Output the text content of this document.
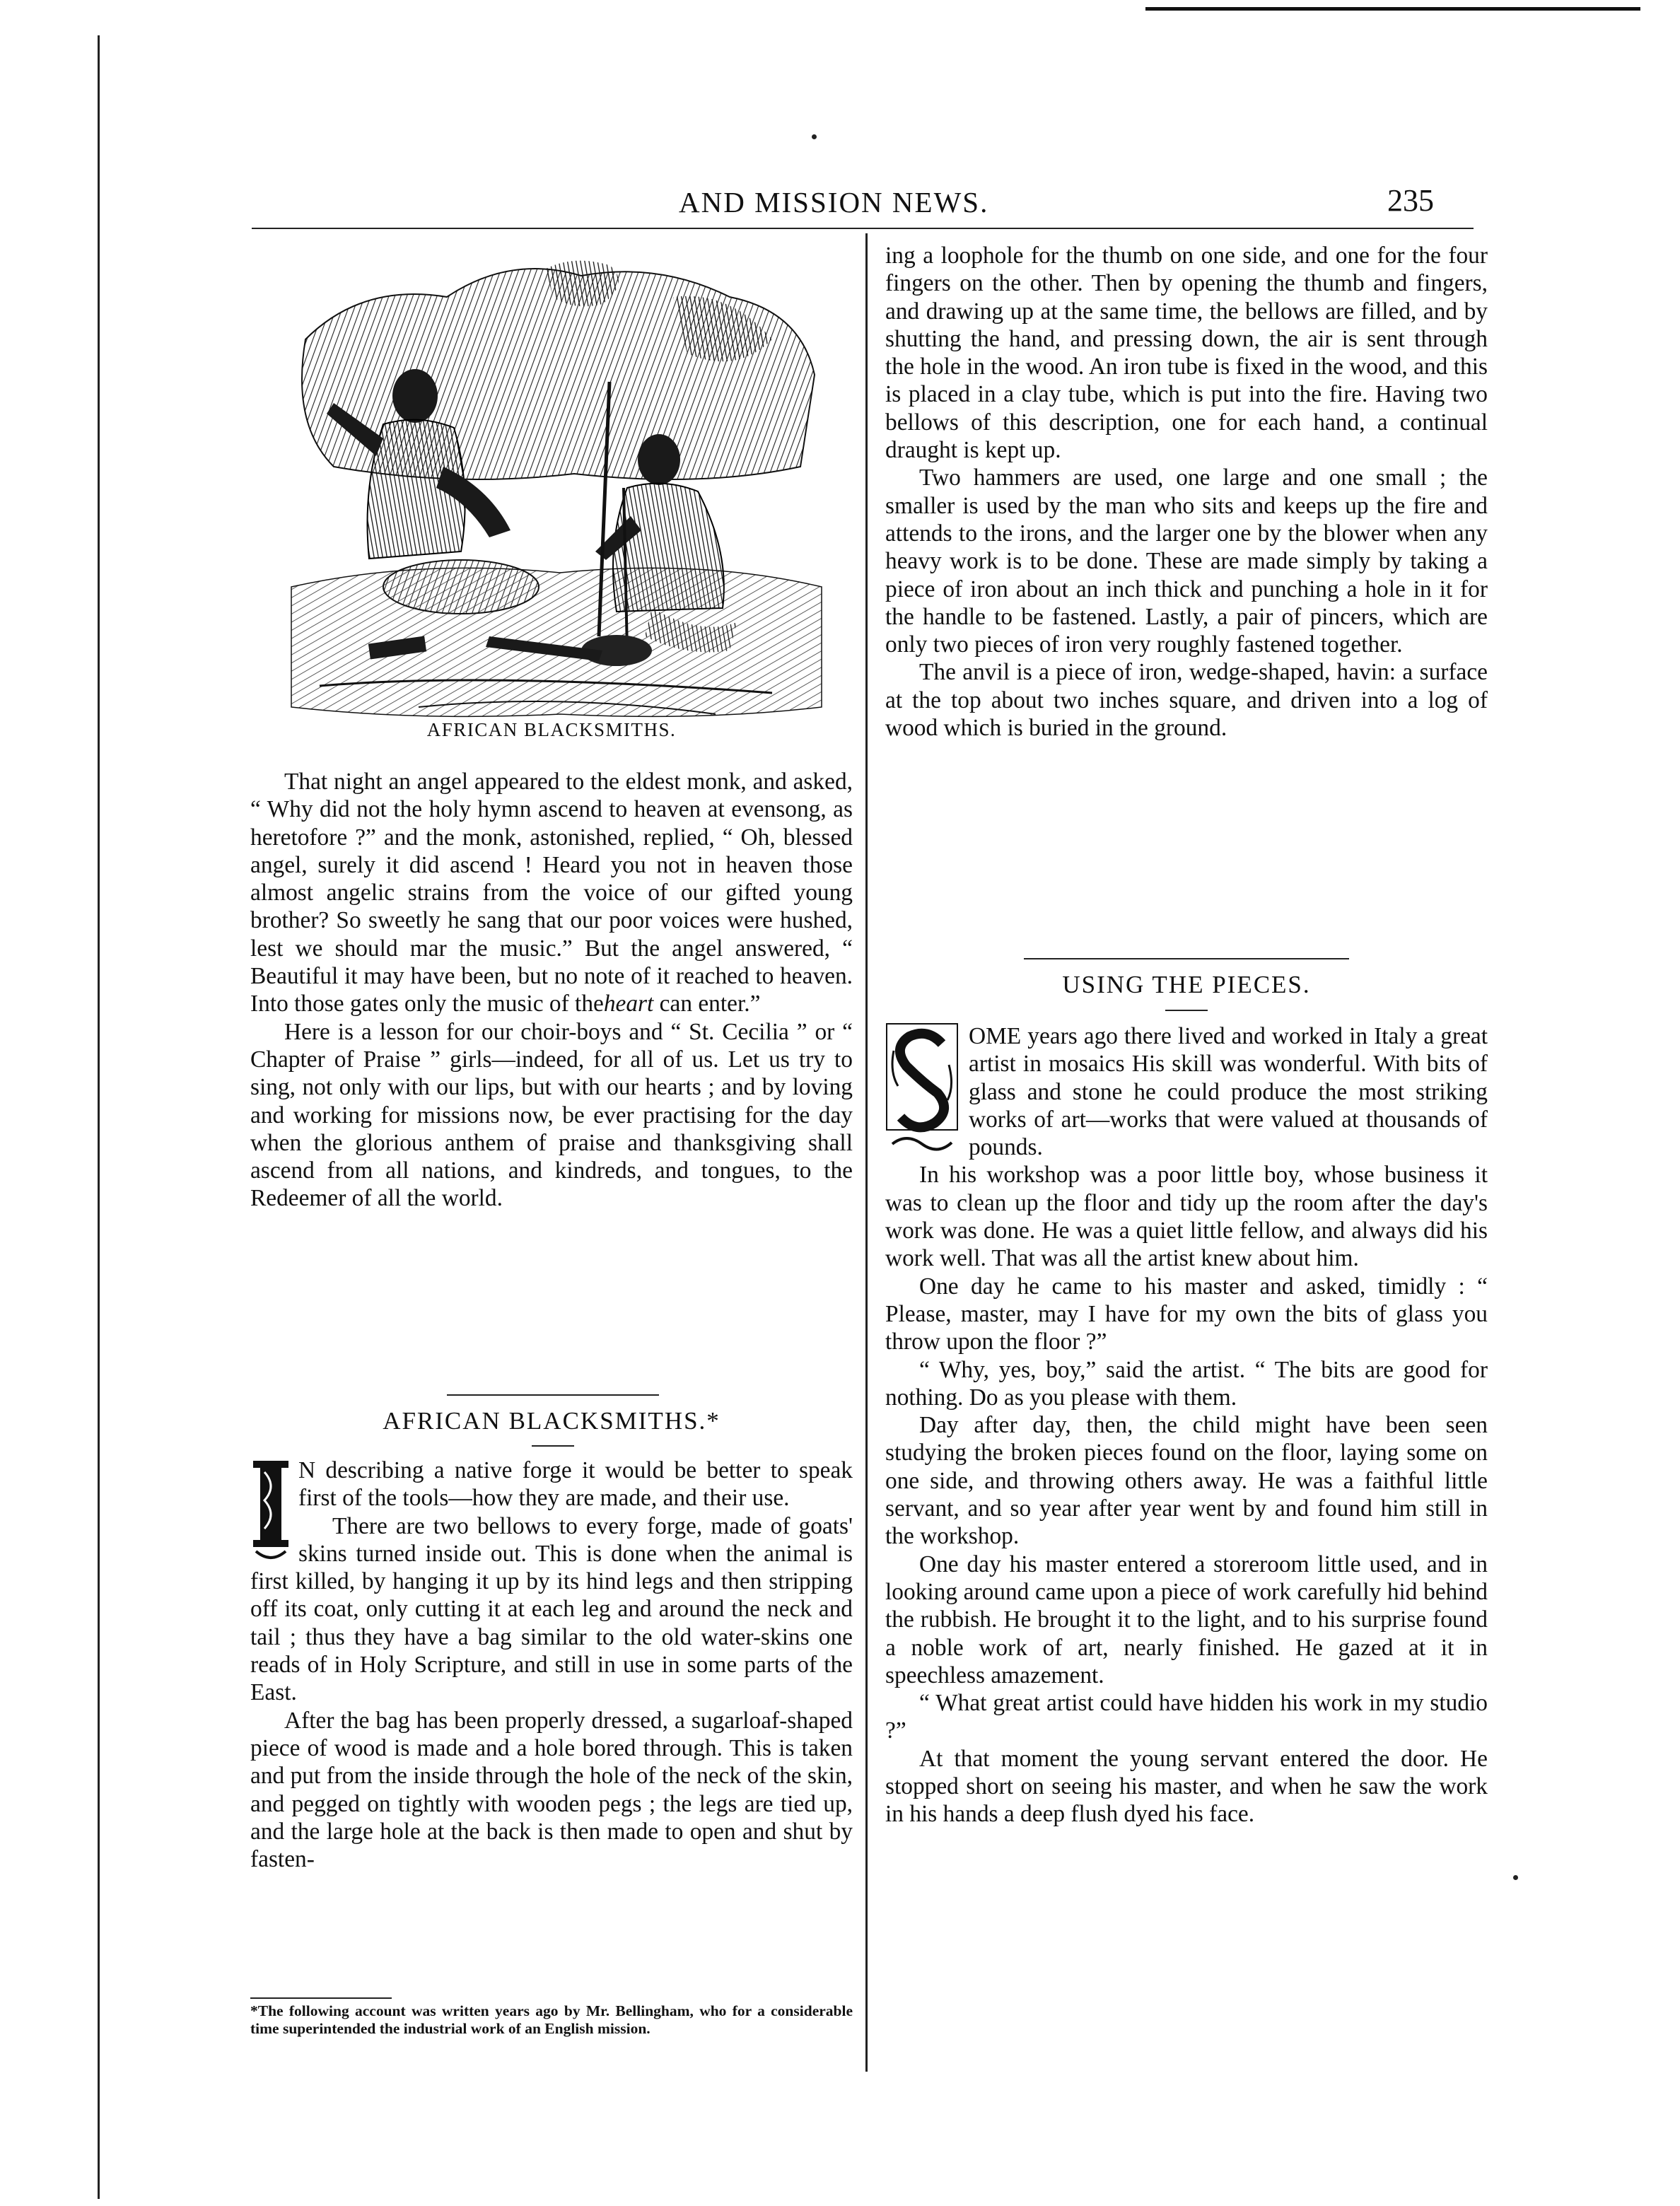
AND MISSION NEWS.	235
AFRICAN BLACKSMITHS.

That night an angel appeared to the eldest monk, and asked, “ Why did not the holy hymn ascend to heaven at evensong, as heretofore ?” and the monk, astonished, replied, “ Oh, blessed angel, surely it did ascend ! Heard you not in heaven those almost angelic strains from the voice of our gifted young brother? So sweetly he sang that our poor voices were hushed, lest we should mar the music.” But the angel answered, “ Beautiful it may have been, but no note of it reached to heaven. Into those gates only the music of theheart can enter.”

Here is a lesson for our choir-boys and “ St. Cecilia ” or “ Chapter of Praise ” girls—indeed, for all of us. Let us try to sing, not only with our lips, but with our hearts ; and by loving and working for missions now, be ever practising for the day when the glorious anthem of praise and thanksgiving shall ascend from all nations, and kindreds, and tongues, to the Redeemer of all the world.

AFRICAN BLACKSMITHS.*

N describing a native forge it would be better to speak first of the tools—how they are made, and their use.

There are two bellows to every forge, made of goats' skins turned inside out. This is done when the animal is first killed, by hanging it up by its hind legs and then stripping off its coat, only cutting it at each leg and around the neck and tail ; thus they have a bag similar to the old water-skins one reads of in Holy Scripture, and still in use in some parts of the East.

After the bag has been properly dressed, a sugarloaf-shaped piece of wood is made and a hole bored through. This is taken and put from the inside through the hole of the neck of the skin, and pegged on tightly with wooden pegs ; the legs are tied up, and the large hole at the back is then made to open and shut by fasten-

*The following account was written years ago by Mr. Bellingham, who for a considerable time superintended the industrial work of an English mission.

ing a loophole for the thumb on one side, and one for the four fingers on the other. Then by opening the thumb and fingers, and drawing up at the same time, the bellows are filled, and by shutting the hand, and pressing down, the air is sent through the hole in the wood. An iron tube is fixed in the wood, and this is placed in a clay tube, which is put into the fire. Having two bellows of this description, one for each hand, a continual draught is kept up.

Two hammers are used, one large and one small ; the smaller is used by the man who sits and keeps up the fire and attends to the irons, and the larger one by the blower when any heavy work is to be done. These are made simply by taking a piece of iron about an inch thick and punching a hole in it for the handle to be fastened. Lastly, a pair of pincers, which are only two pieces of iron very roughly fastened together.

The anvil is a piece of iron, wedge-shaped, havin: a surface at the top about two inches square, and driven into a log of wood which is buried in the ground.

USING THE PIECES.

OME years ago there lived and worked in Italy a great artist in mosaics His skill was wonderful. With bits of glass and stone he could produce the most striking works of art—works that were valued at thousands of pounds.

In his workshop was a poor little boy, whose business it was to clean up the floor and tidy up the room after the day's work was done. He was a quiet little fellow, and always did his work well. That was all the artist knew about him.

One day he came to his master and asked, timidly : “ Please, master, may I have for my own the bits of glass you throw upon the floor ?”

“ Why, yes, boy,” said the artist. “ The bits are good for nothing. Do as you please with them.

Day after day, then, the child might have been seen studying the broken pieces found on the floor, laying some on one side, and throwing others away. He was a faithful little servant, and so year after year went by and found him still in the workshop.

One day his master entered a storeroom little used, and in looking around came upon a piece of work carefully hid behind the rubbish. He brought it to the light, and to his surprise found a noble work of art, nearly finished. He gazed at it in speechless amazement.

“ What great artist could have hidden his work in my studio ?”

At that moment the young servant entered the door. He stopped short on seeing his master, and when he saw the work in his hands a deep flush dyed his face.
